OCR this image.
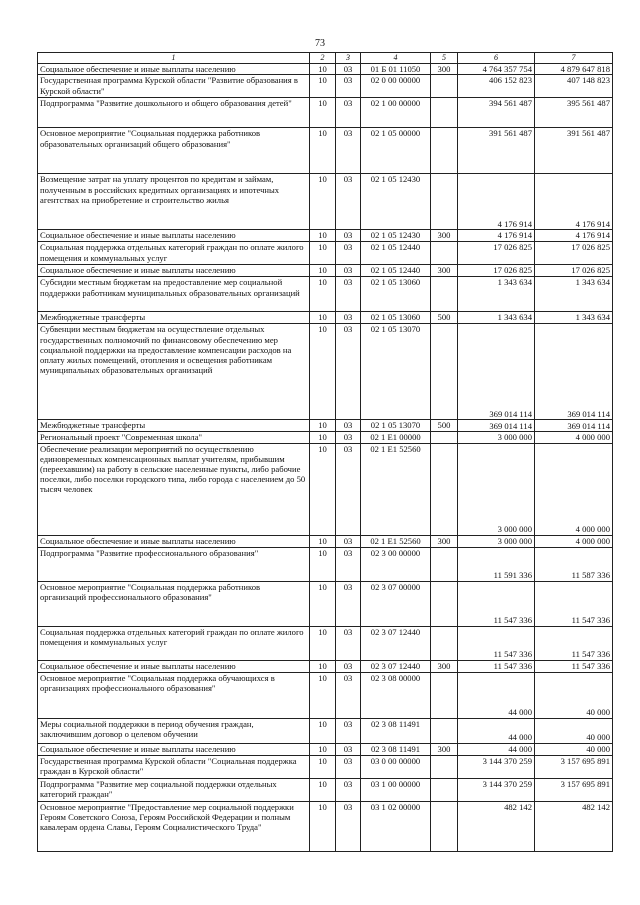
73
1	2	3	4	5	6	7
Социальное обеспечение и иные выплаты населению	10	03	01 Б 01 11050	300	4 764 357 754	4 879 647 818
Государственная программа Курской области "Развитие образования в Курской области"	10	03	02 0 00 00000		406 152 823	407 148 823
Подпрограмма "Развитие дошкольного и общего образования детей"	10	03	02 1 00 00000		394 561 487	395 561 487
Основное мероприятие "Социальная поддержка работников образовательных организаций общего образования"	10	03	02 1 05 00000		391 561 487	391 561 487
Возмещение затрат на уплату процентов по кредитам и займам, полученным в российских кредитных организациях и ипотечных агентствах на приобретение и строительство жилья	10	03	02 1 05 12430		4 176 914	4 176 914
Социальное обеспечение и иные выплаты населению	10	03	02 1 05 12430	300	4 176 914	4 176 914
Социальная поддержка отдельных категорий граждан по оплате жилого помещения и коммунальных услуг	10	03	02 1 05 12440		17 026 825	17 026 825
Социальное обеспечение и иные выплаты населению	10	03	02 1 05 12440	300	17 026 825	17 026 825
Субсидии местным бюджетам на предоставление мер социальной поддержки работникам муниципальных образовательных организаций	10	03	02 1 05 13060		1 343 634	1 343 634
Межбюджетные трансферты	10	03	02 1 05 13060	500	1 343 634	1 343 634
Субвенции местным бюджетам на осуществление отдельных государственных полномочий по финансовому обеспечению мер социальной поддержки на предоставление компенсации расходов на оплату жилых помещений, отопления и освещения работникам муниципальных образовательных организаций	10	03	02 1 05 13070		369 014 114	369 014 114
Межбюджетные трансферты	10	03	02 1 05 13070	500	369 014 114	369 014 114
Региональный проект "Современная школа"	10	03	02 1 E1 00000		3 000 000	4 000 000
Обеспечение реализации мероприятий по осуществлению единовременных компенсационных выплат учителям, прибывшим (переехавшим) на работу в сельские населенные пункты, либо рабочие поселки, либо поселки городского типа, либо города с населением до 50 тысяч человек	10	03	02 1 E1 52560		3 000 000	4 000 000
Социальное обеспечение и иные выплаты населению	10	03	02 1 E1 52560	300	3 000 000	4 000 000
Подпрограмма "Развитие профессионального образования"	10	03	02 3 00 00000		11 591 336	11 587 336
Основное мероприятие "Социальная поддержка работников организаций профессионального образования"	10	03	02 3 07 00000		11 547 336	11 547 336
Социальная поддержка отдельных категорий граждан по оплате жилого помещения и коммунальных услуг	10	03	02 3 07 12440		11 547 336	11 547 336
Социальное обеспечение и иные выплаты населению	10	03	02 3 07 12440	300	11 547 336	11 547 336
Основное мероприятие "Социальная поддержка обучающихся в организациях профессионального образования"	10	03	02 3 08 00000		44 000	40 000
Меры социальной поддержки в период обучения граждан, заключившим договор о целевом обучении	10	03	02 3 08 11491		44 000	40 000
Социальное обеспечение и иные выплаты населению	10	03	02 3 08 11491	300	44 000	40 000
Государственная программа Курской области "Социальная поддержка граждан в Курской области"	10	03	03 0 00 00000		3 144 370 259	3 157 695 891
Подпрограмма "Развитие мер социальной поддержки отдельных категорий граждан"	10	03	03 1 00 00000		3 144 370 259	3 157 695 891
Основное мероприятие "Предоставление мер социальной поддержки Героям Советского Союза, Героям Российской Федерации и полным кавалерам ордена Славы, Героям Социалистического Труда"	10	03	03 1 02 00000		482 142	482 142
